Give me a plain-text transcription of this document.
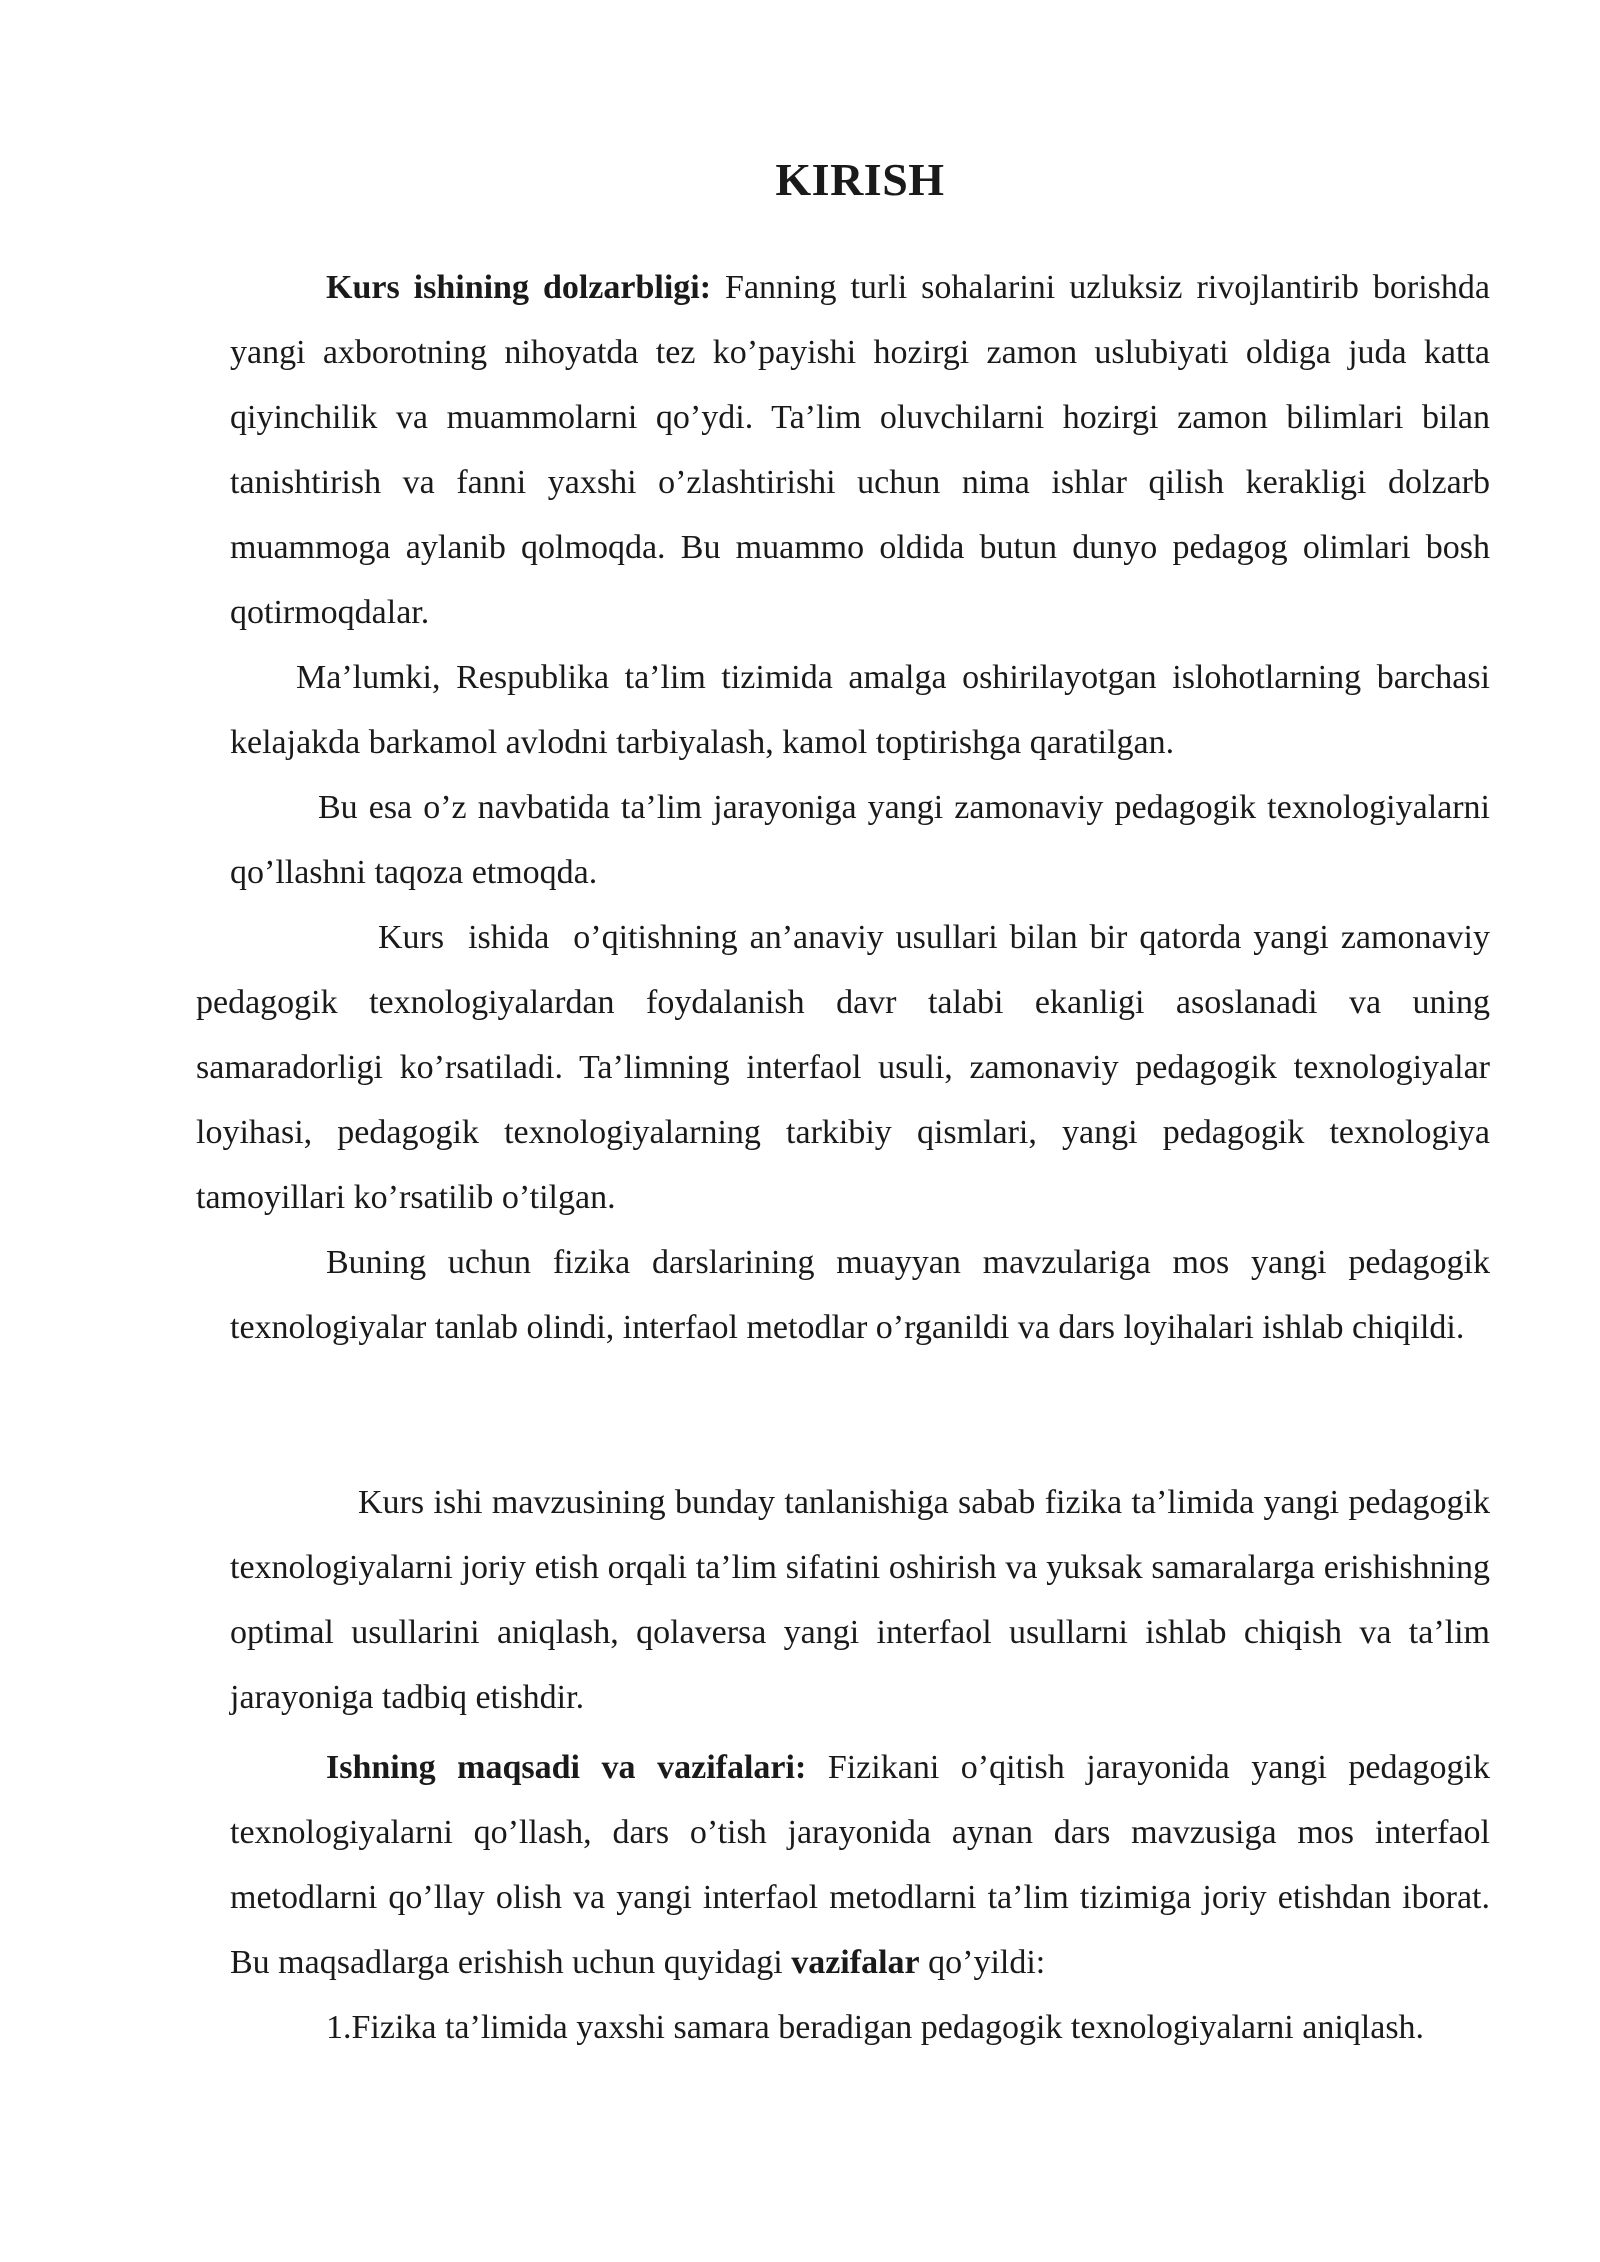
KIRISH

Kurs ishining dolzarbligi: Fanning turli sohalarini uzluksiz rivojlantirib borishda yangi axborotning nihoyatda tez ko’payishi hozirgi zamon uslubiyati oldiga juda katta qiyinchilik va muammolarni qo’ydi. Ta’lim oluvchilarni hozirgi zamon bilimlari bilan tanishtirish va fanni yaxshi o’zlashtirishi uchun nima ishlar qilish kerakligi dolzarb muammoga aylanib qolmoqda. Bu muammo oldida butun dunyo pedagog olimlari bosh qotirmoqdalar.

Ma’lumki, Respublika ta’lim tizimida amalga oshirilayotgan islohotlarning barchasi kelajakda barkamol avlodni tarbiyalash, kamol toptirishga qaratilgan.

Bu esa o’z navbatida ta’lim jarayoniga yangi zamonaviy pedagogik texnologiyalarni qo’llashni taqoza etmoqda.

Kurs  ishida  o’qitishning an’anaviy usullari bilan bir qatorda yangi zamonaviy pedagogik texnologiyalardan foydalanish davr talabi ekanligi asoslanadi va uning samaradorligi ko’rsatiladi. Ta’limning interfaol usuli, zamonaviy pedagogik texnologiyalar loyihasi, pedagogik texnologiyalarning tarkibiy qismlari, yangi pedagogik texnologiya tamoyillari ko’rsatilib o’tilgan.

Buning uchun fizika darslarining muayyan mavzulariga mos yangi pedagogik texnologiyalar tanlab olindi, interfaol metodlar o’rganildi va dars loyihalari ishlab chiqildi.

Kurs ishi mavzusining bunday tanlanishiga sabab fizika ta’limida yangi pedagogik texnologiyalarni joriy etish orqali ta’lim sifatini oshirish va yuksak samaralarga erishishning optimal usullarini aniqlash, qolaversa yangi interfaol usullarni ishlab chiqish va ta’lim jarayoniga tadbiq etishdir.

Ishning maqsadi va vazifalari: Fizikani o’qitish jarayonida yangi pedagogik texnologiyalarni qo’llash, dars o’tish jarayonida aynan dars mavzusiga mos interfaol metodlarni qo’llay olish va yangi interfaol metodlarni ta’lim tizimiga joriy etishdan iborat. Bu maqsadlarga erishish uchun quyidagi vazifalar qo’yildi:

1.Fizika ta’limida yaxshi samara beradigan pedagogik texnologiyalarni aniqlash.
